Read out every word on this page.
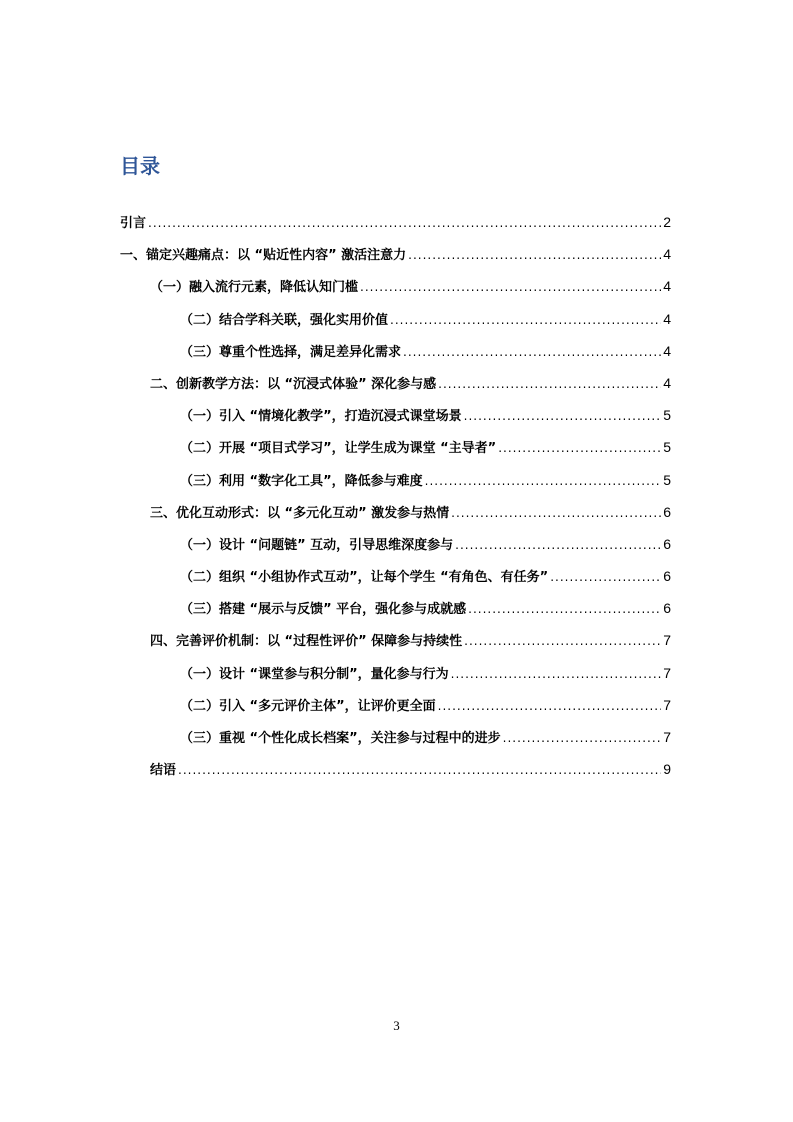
目录
引言 .....	2
一、锚定兴趣痛点：以 “贴近性内容” 激活注意力 .....	4
（一）融入流行元素，降低认知门槛 .....	4
（二）结合学科关联，强化实用价值 .....	4
（三）尊重个性选择，满足差异化需求 .....	4
二、创新教学方法：以 “沉浸式体验” 深化参与感 .....	4
（一）引入 “情境化教学”，打造沉浸式课堂场景 .....	5
（二）开展 “项目式学习”，让学生成为课堂 “主导者” .....	5
（三）利用 “数字化工具”，降低参与难度 .....	5
三、优化互动形式：以 “多元化互动” 激发参与热情 .....	6
（一）设计 “问题链” 互动，引导思维深度参与 .....	6
（二）组织 “小组协作式互动”，让每个学生 “有角色、有任务” .....	6
（三）搭建 “展示与反馈” 平台，强化参与成就感 .....	6
四、完善评价机制：以 “过程性评价” 保障参与持续性 .....	7
（一）设计 “课堂参与积分制”，量化参与行为 .....	7
（二）引入 “多元评价主体”，让评价更全面 .....	7
（三）重视 “个性化成长档案”，关注参与过程中的进步 .....	7
结语 .....	9
3
